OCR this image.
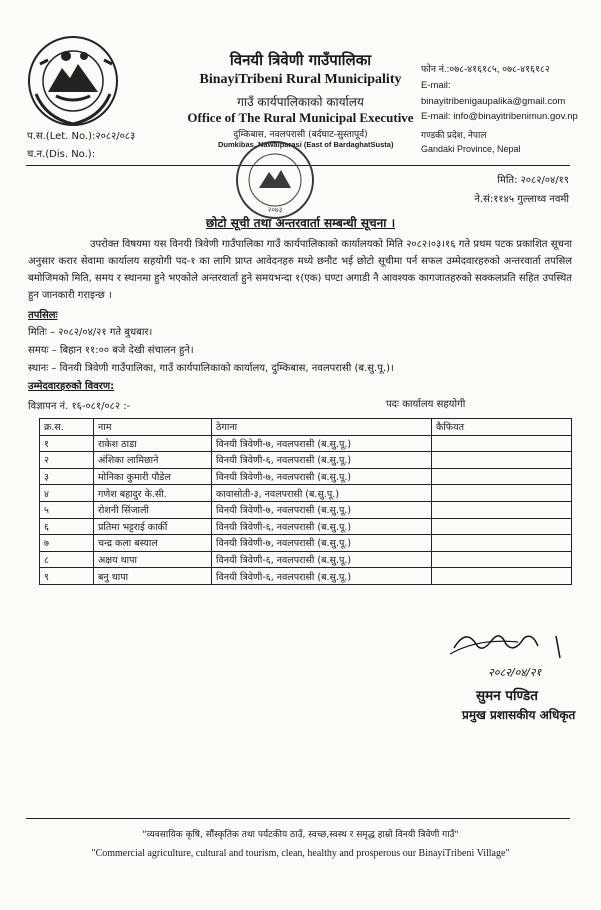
विनयी त्रिवेणी गाउँपालिका
BinayiTribeni Rural Municipality
गाउँ कार्यपालिकाको कार्यालय
Office of The Rural Municipal Executive
दुम्किबास, नवलपरासी (बर्दघाट-सुस्तापूर्व)
Dumkibas, Nawalparasi (East of BardaghatSusta)
प.स.(Let. No.):२०८२/०८३
च.न.(Dis. No.):
फोन नं.:०७८-४१६१८५, ०७८-४१६१८२
E-mail:
binayitribenigaupalika@gmail.com
E-mail: info@binayitribenimun.gov.np
गण्डकी प्रदेश, नेपाल
Gandaki Province, Nepal
२०७३
मिति: २०८२/०४/१९
ने.सं:११४५ गुल्लाथ्व नवमी
छोटो सूची तथा अन्तरवार्ता सम्बन्धी सूचना ।
उपरोक्त विषयमा यस विनयी त्रिवेणी गाउँपालिका गाउँ कार्यपालिकाको कार्यालयको मिति २०८२।०३।१६ गते प्रथम पटक प्रकाशित सूचना अनुसार करार सेवामा कार्यालय सहयोगी पद-१ का लागि प्राप्त आवेदनहरु मध्ये छनौट भई छोटो सूचीमा पर्न सफल उम्मेदवारहरुको अन्तरवार्ता तपसिल बमोजिमको मिति, समय र स्थानमा हुने भएकोले अन्तरवार्ता हुने समयभन्दा १(एक) घण्टा अगाडी नै आवश्यक कागजातहरुको सक्कलप्रति सहित उपस्थित हुन जानकारी गराइन्छ ।
तपसिलः
मितिः – २०८२/०४/२१ गते बुधबार।
समयः – बिहान ११:०० बजे देखी संचालन हुने।
स्थानः – विनयी त्रिवेणी गाउँपालिका, गाउँ कार्यपालिकाको कार्यालय, दुम्किबास, नवलपरासी (ब.सु.पू.)।
उम्मेदवारहरुको विवरण:
विज्ञापन नं. १६-०८१/०८२ :-	पदः कार्यालय सहयोगी
क्र.स.	नाम	ठेगाना	कैफियत
१	राकेश ठाडा	विनयी त्रिवेणी-७, नवलपरासी (ब.सु.पू.)	
२	अंशिका लामिछाने	विनयी त्रिवेणी-६, नवलपरासी (ब.सु.पू.)	
३	मोनिका कुमारी पौडेल	विनयी त्रिवेणी-७, नवलपरासी (ब.सु.पू.)	
४	गणेश बहादुर के.सी.	कावासोती-३, नवलपरासी (ब.सु.पू.)	
५	रोशनी सिंजाली	विनयी त्रिवेणी-७, नवलपरासी (ब.सु.पू.)	
६	प्रतिमा भट्टराई कार्की	विनयी त्रिवेणी-६, नवलपरासी (ब.सु.पू.)	
७	चन्द्र कला बस्याल	विनयी त्रिवेणी-७, नवलपरासी (ब.सु.पू.)	
८	अक्षय थापा	विनयी त्रिवेणी-६, नवलपरासी (ब.सु.पू.)	
९	बनु थापा	विनयी त्रिवेणी-६, नवलपरासी (ब.सु.पू.)	
२०८२/०४/२१
सुमन पण्डित
प्रमुख प्रशासकीय अधिकृत
"व्यवसायिक कृषि, सौंस्कृतिक तथा पर्यटकीय ठाउँ, स्वच्छ,स्वस्थ र समृद्ध हाम्रो विनयी त्रिवेणी गाउँ"
"Commercial agriculture, cultural and tourism, clean, healthy and prosperous our BinayiTribeni Village"
